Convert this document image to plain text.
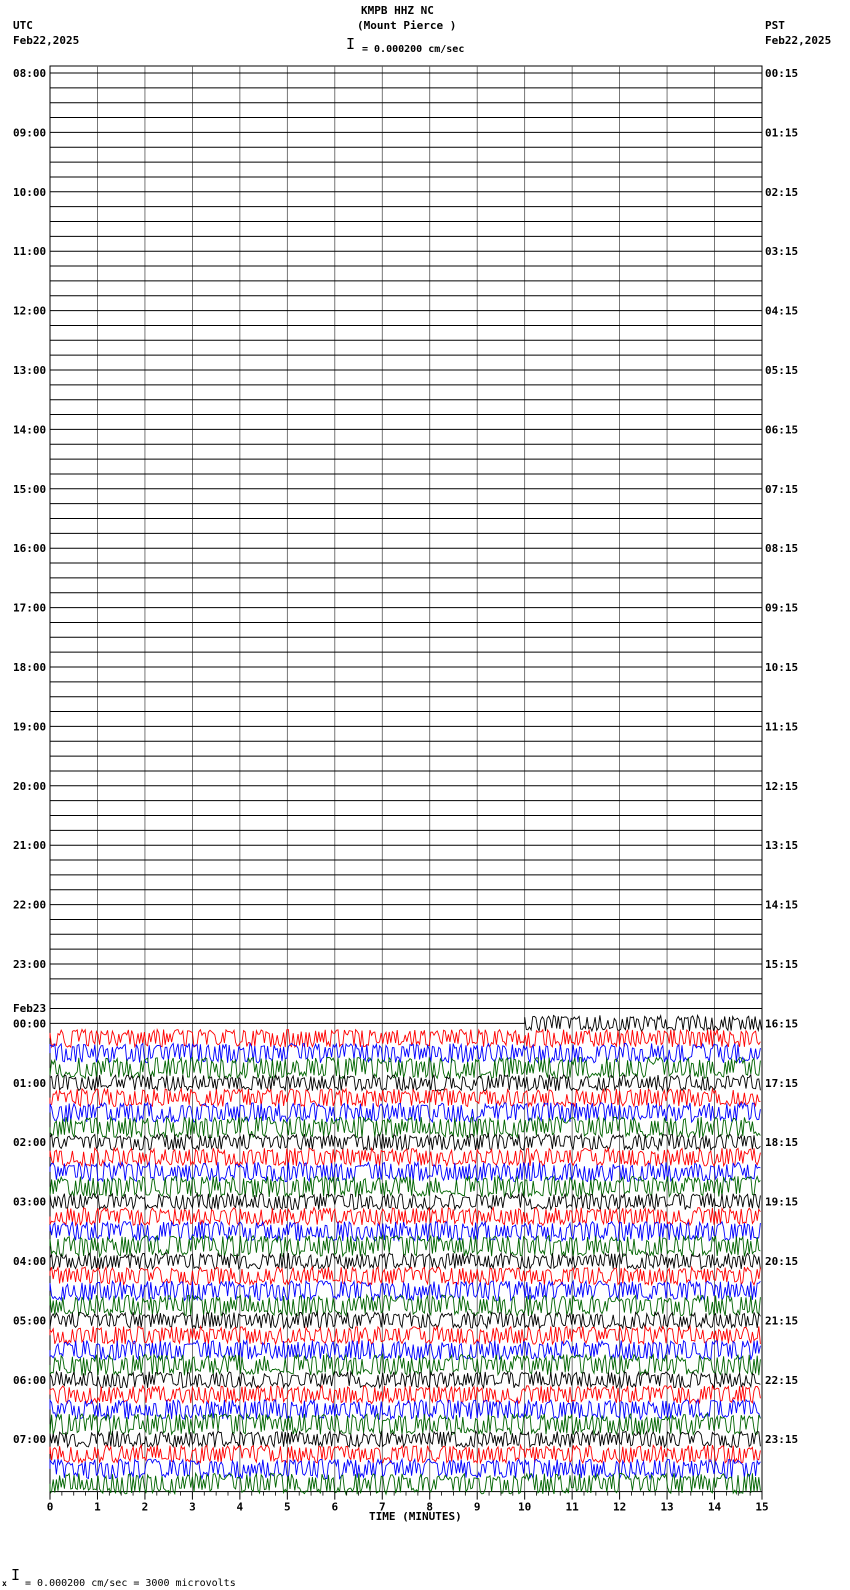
0	1	2	3	4	5	6	7	8	9	10	11	12	13	14	15
08:00	00:15
09:00	01:15
10:00	02:15
11:00	03:15
12:00	04:15
13:00	05:15
14:00	06:15
15:00	07:15
16:00	08:15
17:00	09:15
18:00	10:15
19:00	11:15
20:00	12:15
21:00	13:15
22:00	14:15
23:00	15:15
00:00	16:15
01:00	17:15
02:00	18:15
03:00	19:15
04:00	20:15
05:00	21:15
06:00	22:15
07:00	23:15
KMPB HHZ NC
(Mount Pierce )
I = 0.000200 cm/sec
UTC
Feb22,2025
PST
Feb22,2025
Feb23
TIME (MINUTES)
x I = 0.000200 cm/sec = 3000 microvolts
